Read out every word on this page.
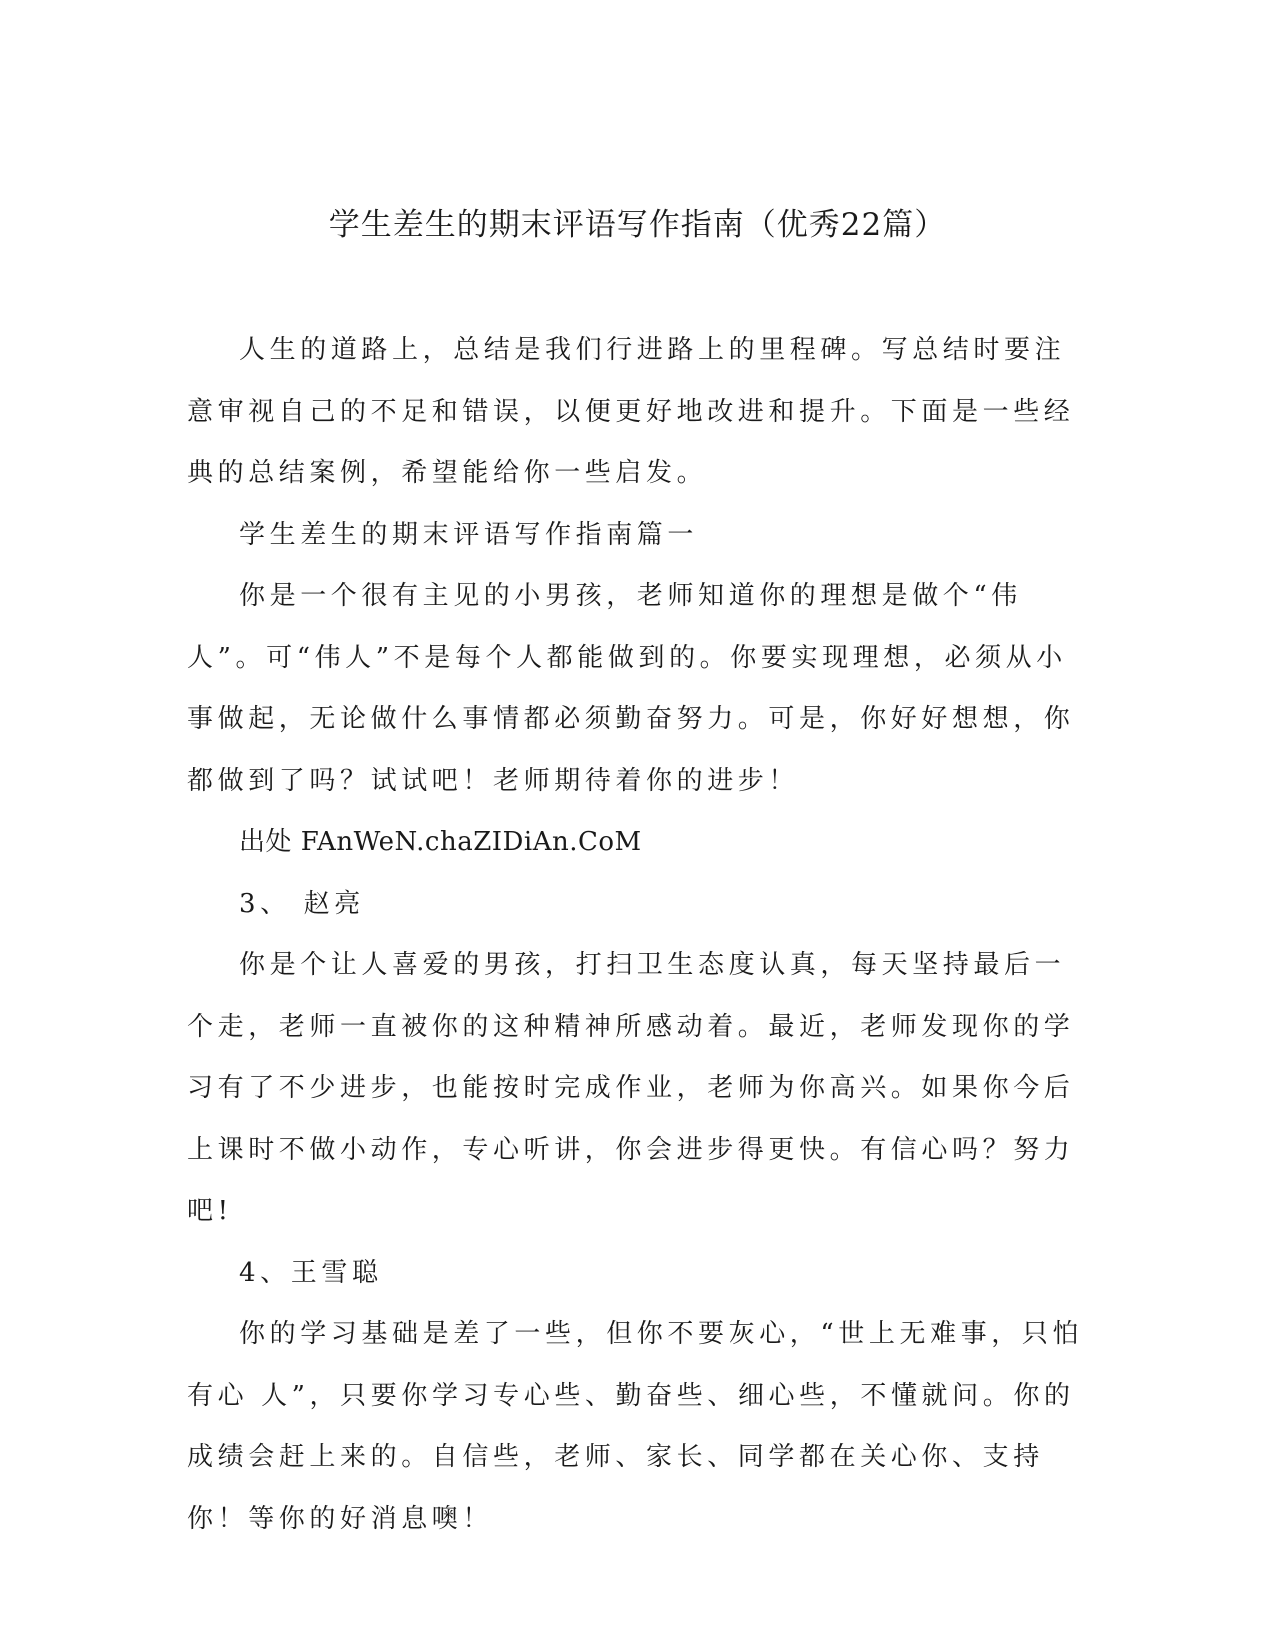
学生差生的期末评语写作指南（优秀22篇）

人生的道路上，总结是我们行进路上的里程碑。写总结时要注意审视自己的不足和错误，以便更好地改进和提升。下面是一些经典的总结案例，希望能给你一些启发。

学生差生的期末评语写作指南篇一

你是一个很有主见的小男孩，老师知道你的理想是做个“伟人”。可“伟人”不是每个人都能做到的。你要实现理想，必须从小事做起，无论做什么事情都必须勤奋努力。可是，你好好想想，你都做到了吗？试试吧！老师期待着你的进步！

出处 FAnWeN.chaZIDiAn.CoM

3、 赵亮

你是个让人喜爱的男孩，打扫卫生态度认真，每天坚持最后一个走，老师一直被你的这种精神所感动着。最近，老师发现你的学习有了不少进步，也能按时完成作业，老师为你高兴。如果你今后上课时不做小动作，专心听讲，你会进步得更快。有信心吗？努力吧!

4、王雪聪

你的学习基础是差了一些，但你不要灰心，“世上无难事，只怕有心 人”，只要你学习专心些、勤奋些、细心些，不懂就问。你的成绩会赶上来的。自信些，老师、家长、同学都在关心你、支持你！等你的好消息噢！
